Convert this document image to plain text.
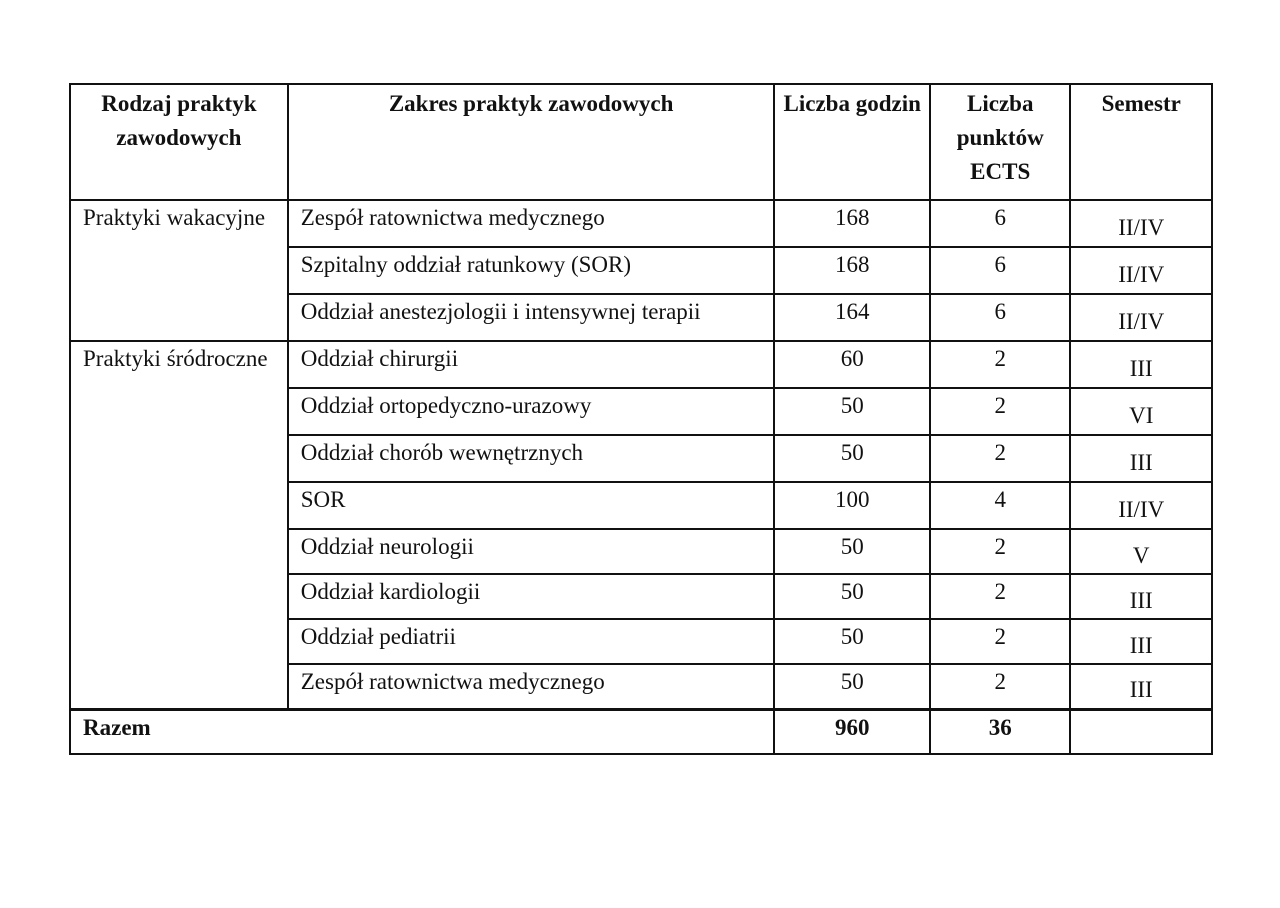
Rodzaj praktyk zawodowych	Zakres praktyk zawodowych	Liczba godzin	Liczba punktów ECTS	Semestr
Praktyki wakacyjne	Zespół ratownictwa medycznego	168	6	II/IV
	Szpitalny oddział ratunkowy (SOR)	168	6	II/IV
	Oddział anestezjologii i intensywnej terapii	164	6	II/IV
Praktyki śródroczne	Oddział chirurgii	60	2	III
	Oddział ortopedyczno-urazowy	50	2	VI
	Oddział chorób wewnętrznych	50	2	III
	SOR	100	4	II/IV
	Oddział neurologii	50	2	V
	Oddział kardiologii	50	2	III
	Oddział pediatrii	50	2	III
	Zespół ratownictwa medycznego	50	2	III
Razem		960	36	
